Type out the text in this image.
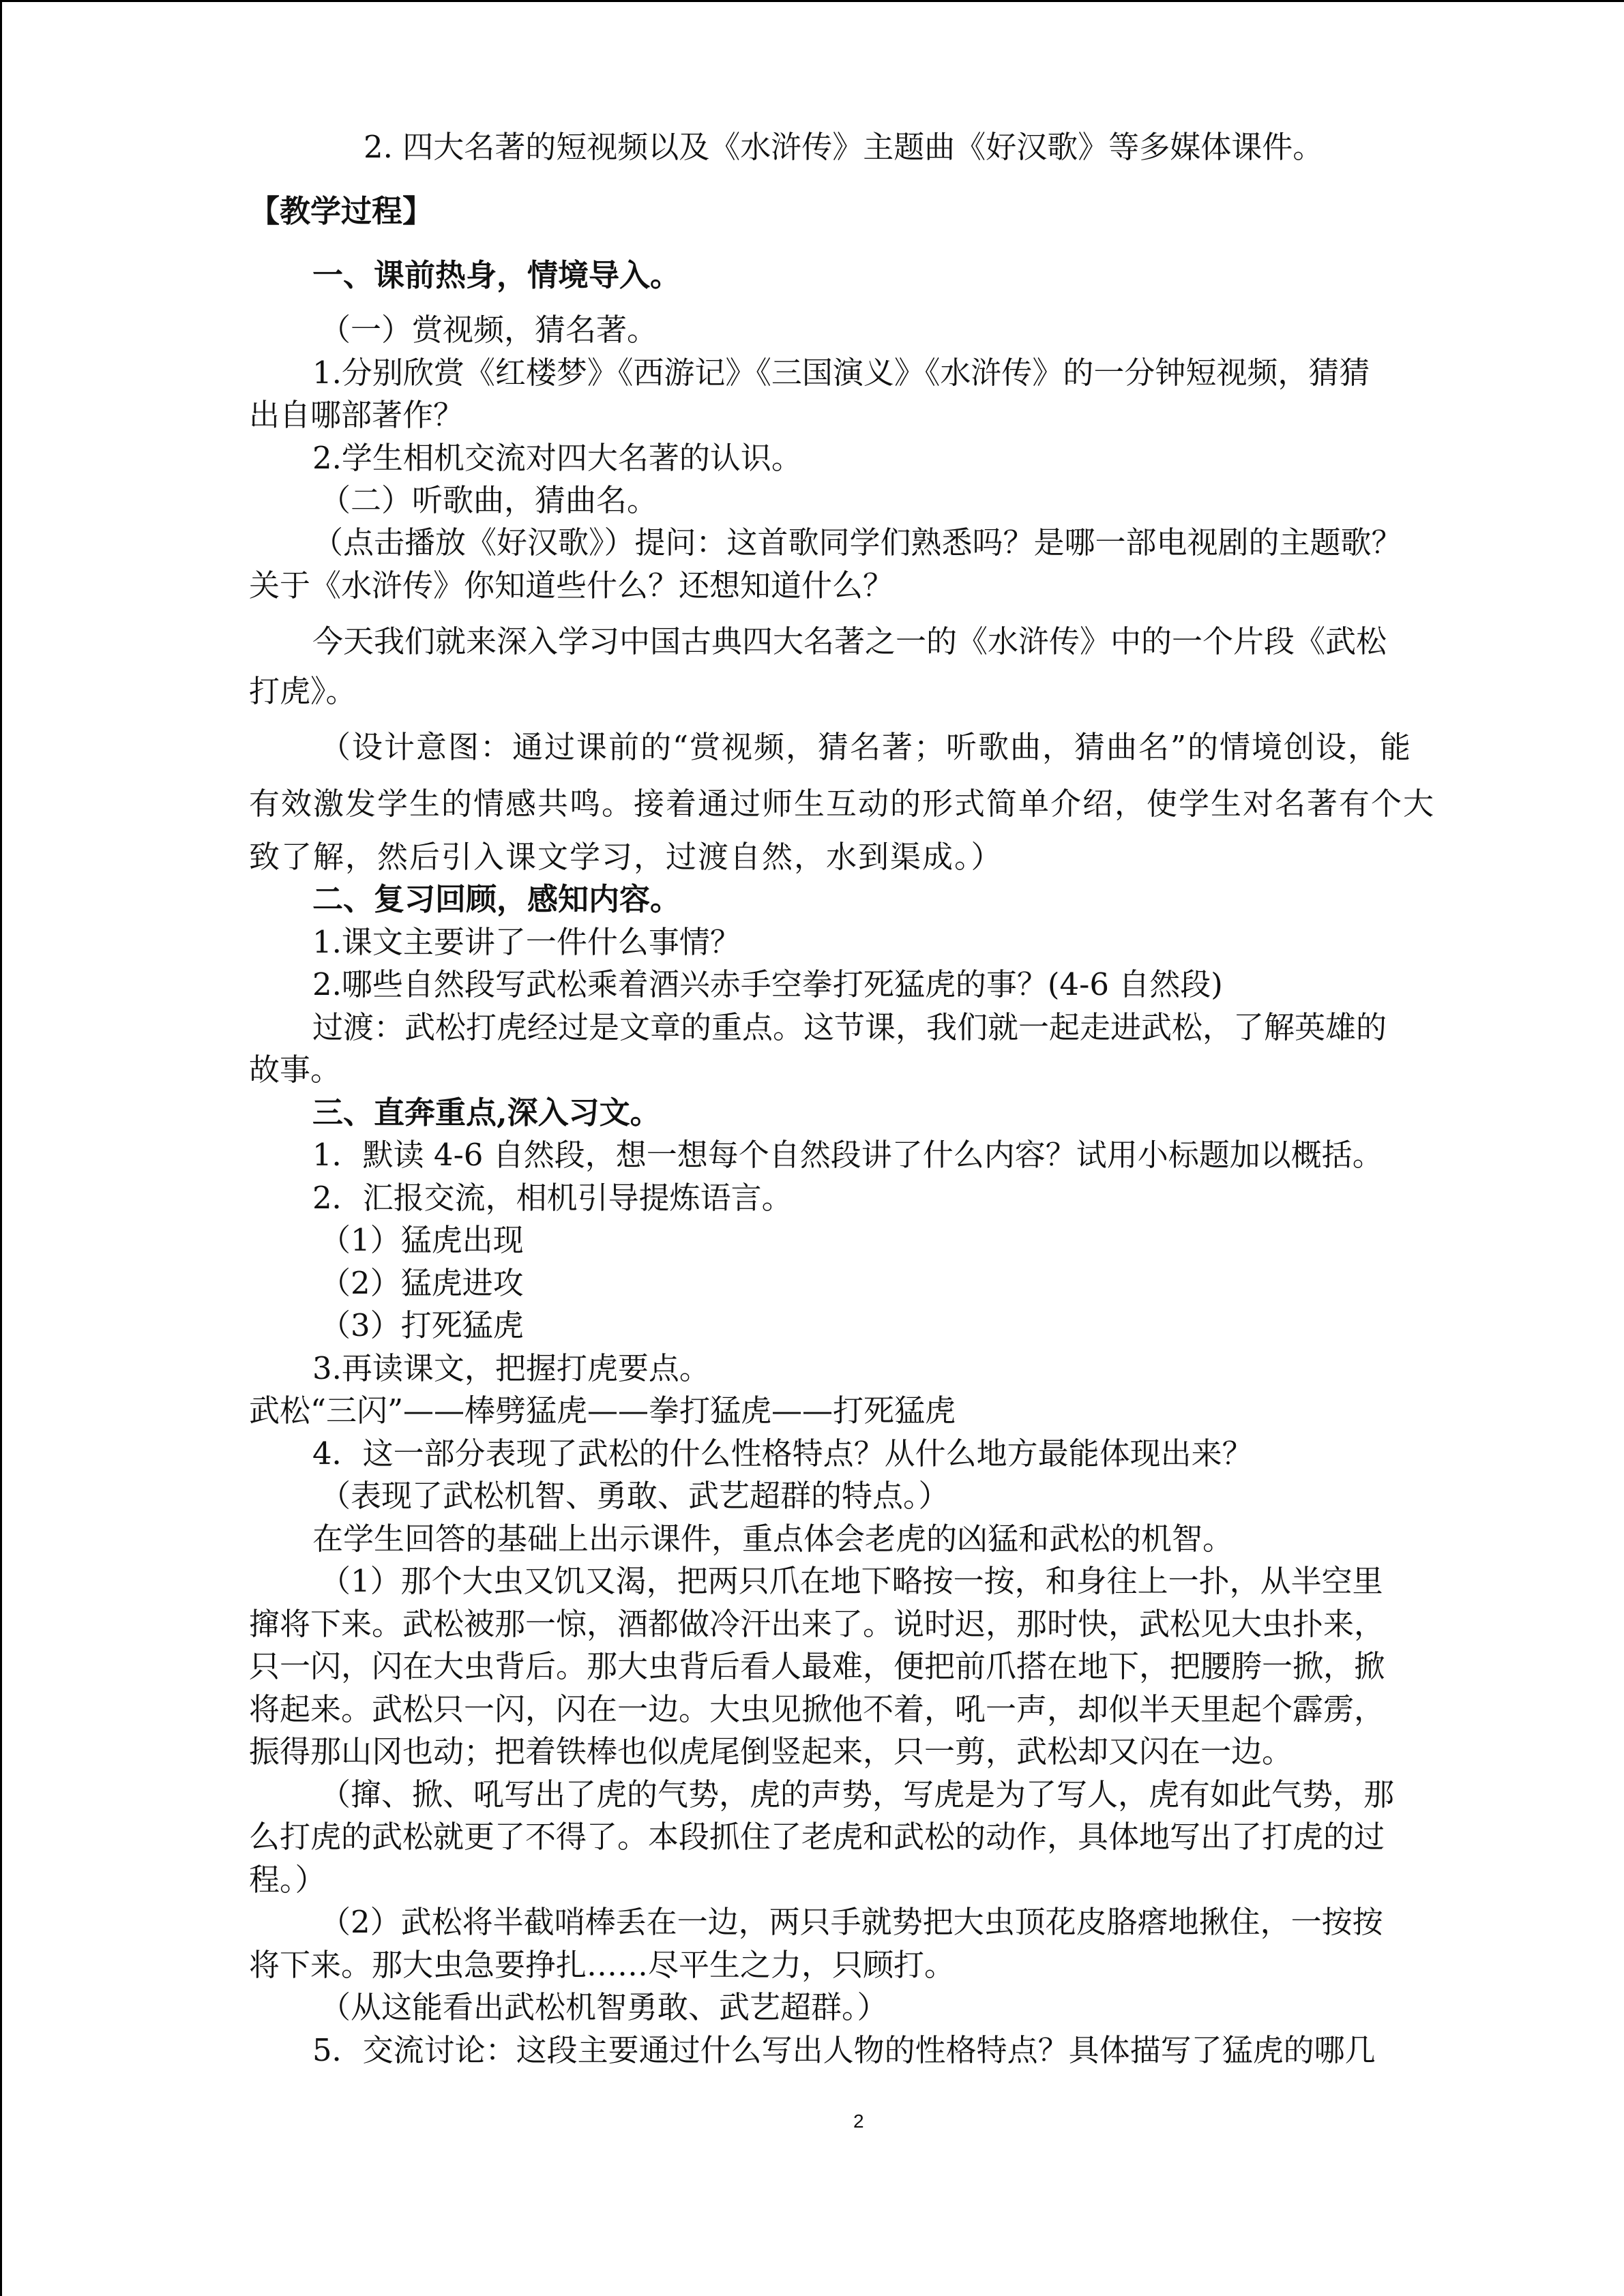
2. 四大名著的短视频以及《水浒传》主题曲《好汉歌》等多媒体课件。
【教学过程】
一、课前热身，情境导入。
（一）赏视频，猜名著。
1.分别欣赏《红楼梦》《西游记》《三国演义》《水浒传》的一分钟短视频，猜猜
出自哪部著作？
2.学生相机交流对四大名著的认识。
（二）听歌曲，猜曲名。
（点击播放《好汉歌》）提问：这首歌同学们熟悉吗？是哪一部电视剧的主题歌？
关于《水浒传》你知道些什么？还想知道什么？
今天我们就来深入学习中国古典四大名著之一的《水浒传》中的一个片段《武松
打虎》。
（设计意图：通过课前的“赏视频，猜名著；听歌曲，猜曲名”的情境创设，能
有效激发学生的情感共鸣。接着通过师生互动的形式简单介绍，使学生对名著有个大
致了解，然后引入课文学习，过渡自然，水到渠成。）
二、复习回顾，感知内容。
1.课文主要讲了一件什么事情？
2.哪些自然段写武松乘着酒兴赤手空拳打死猛虎的事？(4-6 自然段)
过渡：武松打虎经过是文章的重点。这节课，我们就一起走进武松，了解英雄的
故事。
三、直奔重点,深入习文。
1．默读 4-6 自然段，想一想每个自然段讲了什么内容？试用小标题加以概括。
2．汇报交流，相机引导提炼语言。
（1）猛虎出现
（2）猛虎进攻
（3）打死猛虎
3.再读课文，把握打虎要点。
武松“三闪”——棒劈猛虎——拳打猛虎——打死猛虎
4．这一部分表现了武松的什么性格特点？从什么地方最能体现出来？
（表现了武松机智、勇敢、武艺超群的特点。）
在学生回答的基础上出示课件，重点体会老虎的凶猛和武松的机智。
（1）那个大虫又饥又渴，把两只爪在地下略按一按，和身往上一扑，从半空里
撺将下来。武松被那一惊，酒都做冷汗出来了。说时迟，那时快，武松见大虫扑来，
只一闪，闪在大虫背后。那大虫背后看人最难，便把前爪搭在地下，把腰胯一掀，掀
将起来。武松只一闪，闪在一边。大虫见掀他不着，吼一声，却似半天里起个霹雳，
振得那山冈也动；把着铁棒也似虎尾倒竖起来，只一剪，武松却又闪在一边。
（撺、掀、吼写出了虎的气势，虎的声势，写虎是为了写人，虎有如此气势，那
么打虎的武松就更了不得了。本段抓住了老虎和武松的动作，具体地写出了打虎的过
程。）
（2）武松将半截哨棒丢在一边，两只手就势把大虫顶花皮胳瘩地揪住，一按按
将下来。那大虫急要挣扎……尽平生之力，只顾打。
（从这能看出武松机智勇敢、武艺超群。）
5．交流讨论：这段主要通过什么写出人物的性格特点？具体描写了猛虎的哪几
2
